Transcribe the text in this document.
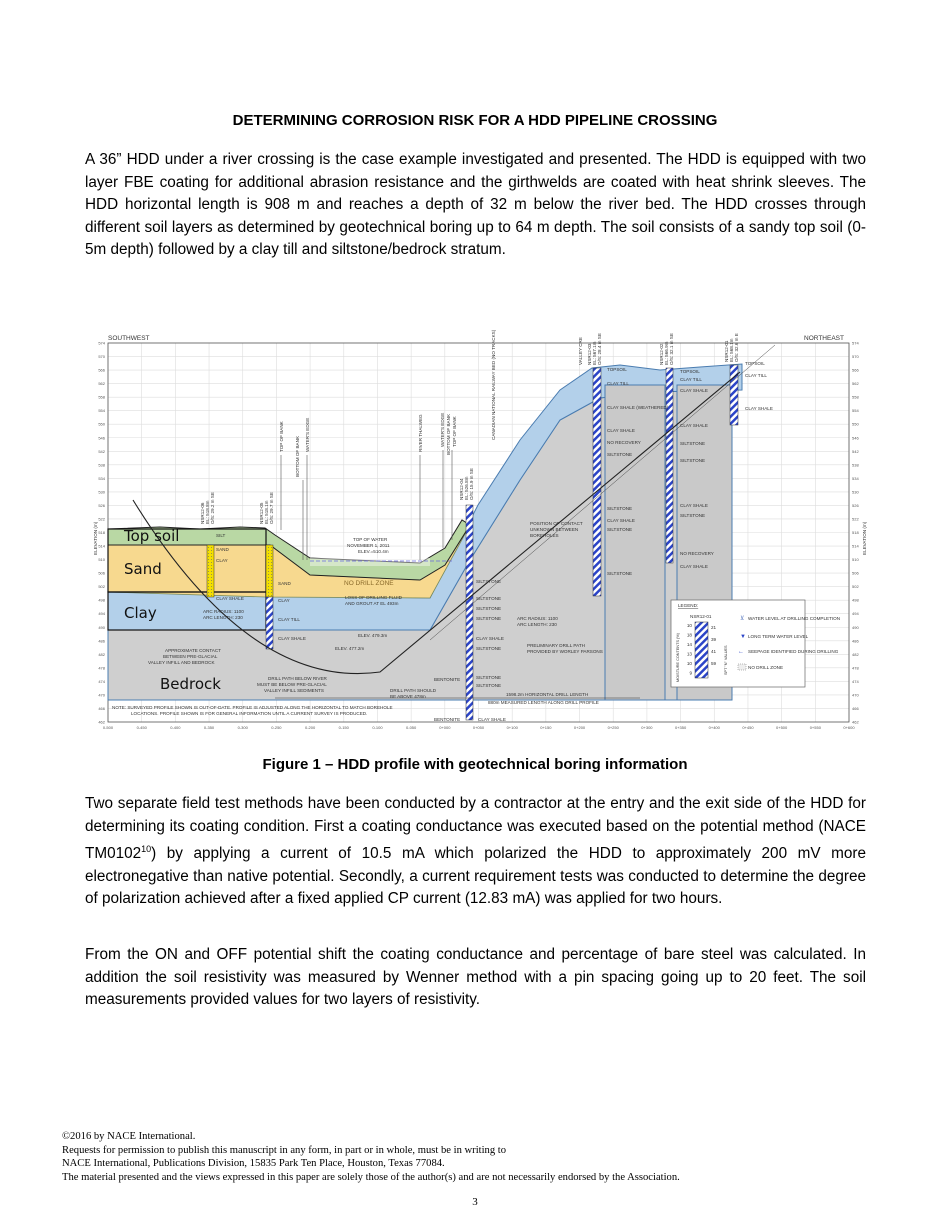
DETERMINING CORROSION RISK FOR A HDD PIPELINE CROSSING
A 36” HDD under a river crossing is the case example investigated and presented. The HDD is equipped with two layer FBE coating for additional abrasion resistance and the girthwelds are coated with heat shrink sleeves. The HDD horizontal length is 908 m and reaches a depth of 32 m below the river bed. The HDD crosses through different soil layers as determined by geotechnical boring up to 64 m depth. The soil consists of a sandy top soil (0-5m depth) followed by a clay till and siltstone/bedrock stratum.
574	574
570	570
566	566
562	562
558	558
554	554
550	550
546	546
542	542
538	538
534	534
530	530
526	526
522	522
518	518
514	514
510	510
506	506
502	502
498	498
494	494
490	490
486	486
482	482
478	478
474	474
470	470
466	466
462	462
0-500	0-450	0-400	0-350	0-300	0-250	0-200	0-150	0-100	0-050	0+000	0+050	0+100	0+150	0+200	0+250	0+300	0+350	0+400	0+450	0+500	0+550	0+600
SOUTHWEST	NORTHEAST
ELEVATION (m)	ELEVATION (m)
Top soil
Sand
Clay
Bedrock
NO DRILL ZONE
TOP OF WATER
NOVEMBER 1, 2011
ELEV.=510.4m
LOSS OF DRILLING FLUID
AND GROUT AT EL 493m
ARC RADIUS: 1100
ARC LENGTH: 230
ELEV. 479.3m
ELEV. 477.2m
APPROXIMATE CONTACT
BETWEEN PRE-GLACIAL
VALLEY INFILL AND BEDROCK
DRILL PATH BELOW RIVER
MUST BE BELOW PRE-GLACIAL
VALLEY INFILL SEDIMENTS	DRILL PATH SHOULD
BE ABOVE 478m
POSITION OF CONTACT
UNKNOWN BETWEEN
BOREHOLES
ARC RADIUS: 1100
ARC LENGTH: 230
PRELIMINARY DRILL PATH
PROVIDED BY WORLEY PARSONS
1598.2m HORIZONTAL DRILL LENGTH
880m MEASURED LENGTH ALONG DRILL PROFILE
NOTE: SURVEYED PROFILE SHOWN IS OUT-OF-DATE. PROFILE IS ADJUSTED ALONG THE HORIZONTAL TO MATCH BOREHOLE
LOCATIONS. PROFILE SHOWN IS FOR GENERAL INFORMATION UNTIL A CURRENT SURVEY IS PRODUCED.
TOP OF BANK BOTTOM OF BANK
WATER'S EDGE	RIVER THALWEG	WATER'S EDGE BOTTOM OF BANK TOP OF BANK	CANADIAN NATIONAL RAILWAY BED (NO TRACKS)	VALLEY CRE
NSR12-06 EL: 518.8m O/S: 29.2 m SE	NSR12-05 EL: 518.1m O/S: 29.7 m SE
NSR12-04 EL: 526.8m O/S: 15.9 m SE
NSR12-03 EL: 567.1m O/S: 28.4 m SE	NSR12-02 EL: 566.9m O/S: 32.1 m SE	NSR12-01 EL: 568.1m O/S: 32.6 m E
TOPSOIL
CLAY TILL
CLAY SHALE (WEATHERED)
CLAY SHALE
NO RECOVERY
SILTSTONE
SILTSTONE
CLAY SHALE
SILTSTONE
TOPSOIL
CLAY TILL
CLAY SHALE
CLAY SHALE
SILTSTONE
SILTSTONE
CLAY SHALE
SILTSTONE
NO RECOVERY
SILTSTONE
CLAY SHALE
TOPSOIL
CLAY TILL
CLAY SHALE
SILTSTONE
SILTSTONE
SILTSTONE
SILTSTONE
CLAY SHALE
SILTSTONE
SILTSTONE
SILTSTONE
BENTONITE
BENTONITE	CLAY SHALE
CLAY
CLAY TILL
CLAY SHALE
SILT
SAND
CLAY
SAND
CLAY SHALE
LEGEND:
NSR12-01
MOISTURE CONTENTS (%)	SPT "N" VALUES
10
18
14
13
10
9
21
39
41
59
⊻ WATER LEVEL AT DRILLING COMPLETION
▼ LONG TERM WATER LEVEL
← SEEPAGE IDENTIFIED DURING DRILLING
NO DRILL ZONE
Figure 1 – HDD profile with geotechnical boring information
Two separate field test methods have been conducted by a contractor at the entry and the exit side of the HDD for determining its coating condition. First a coating conductance was executed based on the potential method (NACE TM0102$^{10}$) by applying a current of 10.5 mA which polarized the HDD to approximately 200 mV more electronegative than native potential. Secondly, a current requirement tests was conducted to determine the degree of polarization achieved after a fixed applied CP current (12.83 mA) was applied for two hours.
From the ON and OFF potential shift the coating conductance and percentage of bare steel was calculated. In addition the soil resistivity was measured by Wenner method with a pin spacing going up to 20 feet. The soil measurements provided values for two layers of resistivity.
©2016 by NACE International.
Requests for permission to publish this manuscript in any form, in part or in whole, must be in writing to
NACE International, Publications Division, 15835 Park Ten Place, Houston, Texas 77084.
The material presented and the views expressed in this paper are solely those of the author(s) and are not necessarily endorsed by the Association.
3
